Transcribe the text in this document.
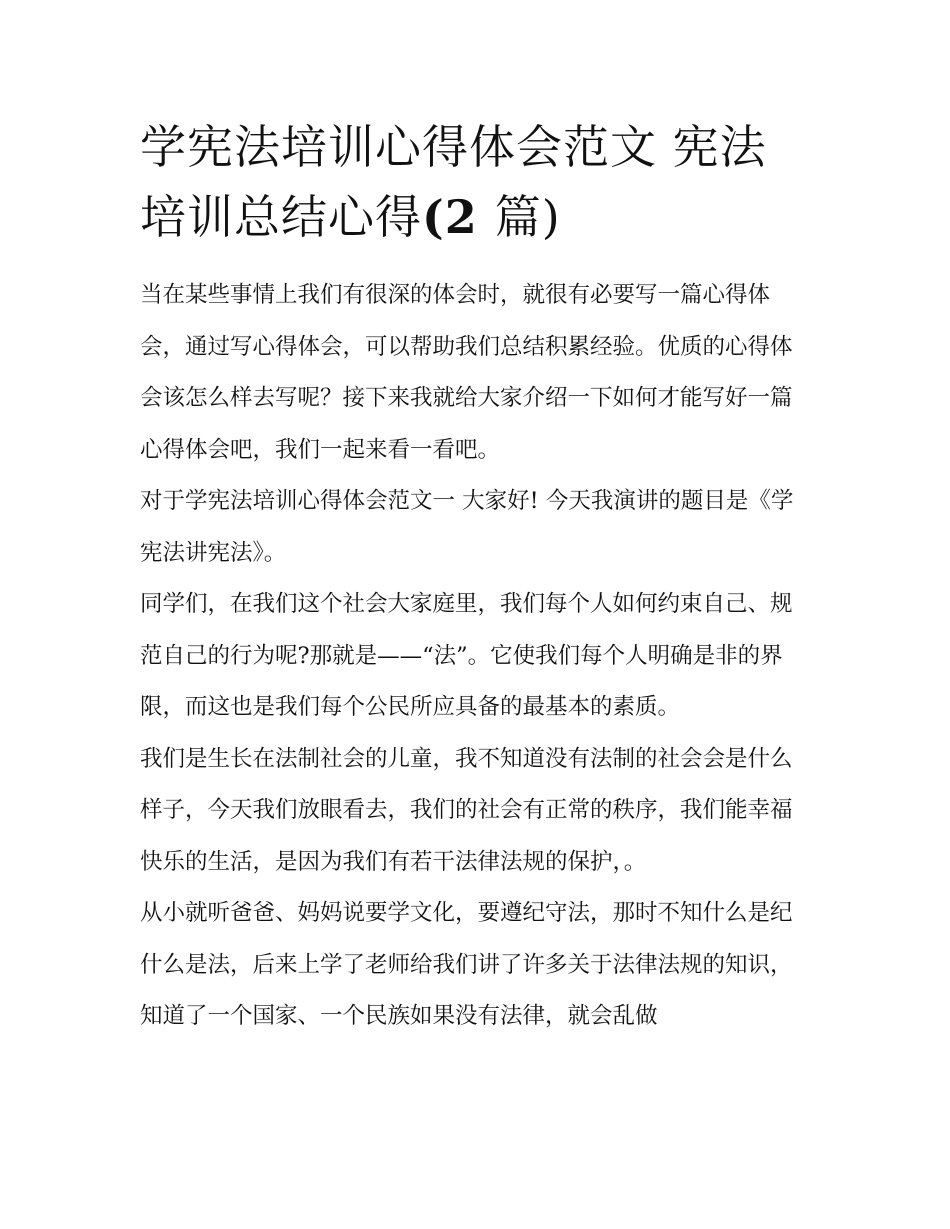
学宪法培训心得体会范文 宪法
培训总结心得(2 篇)

当在某些事情上我们有很深的体会时，就很有必要写一篇心得体会，通过写心得体会，可以帮助我们总结积累经验。优质的心得体会该怎么样去写呢？接下来我就给大家介绍一下如何才能写好一篇心得体会吧，我们一起来看一看吧。

对于学宪法培训心得体会范文一 大家好! 今天我演讲的题目是《学宪法讲宪法》。

同学们，在我们这个社会大家庭里，我们每个人如何约束自己、规范自己的行为呢?那就是——“法”。它使我们每个人明确是非的界限，而这也是我们每个公民所应具备的最基本的素质。

我们是生长在法制社会的儿童，我不知道没有法制的社会会是什么样子，今天我们放眼看去，我们的社会有正常的秩序，我们能幸福快乐的生活，是因为我们有若干法律法规的保护，。

从小就听爸爸、妈妈说要学文化，要遵纪守法，那时不知什么是纪什么是法，后来上学了老师给我们讲了许多关于法律法规的知识，知道了一个国家、一个民族如果没有法律，就会乱做
